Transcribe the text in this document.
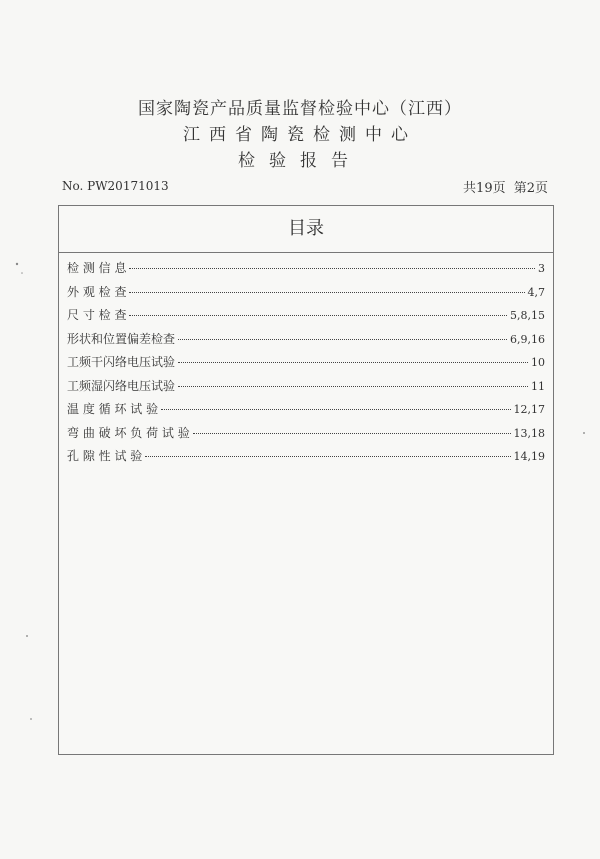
国家陶瓷产品质量监督检验中心（江西）
江西省陶瓷检测中心
检验报告
No. PW20171013	共19页 第2页
目录
检 测 信 息	3
外 观 检 查	4,7
尺 寸 检 查	5,8,15
形状和位置偏差检查	6,9,16
工频干闪络电压试验	10
工频湿闪络电压试验	11
温 度 循 环 试 验	12,17
弯 曲 破 坏 负 荷 试 验	13,18
孔 隙 性 试 验	14,19
